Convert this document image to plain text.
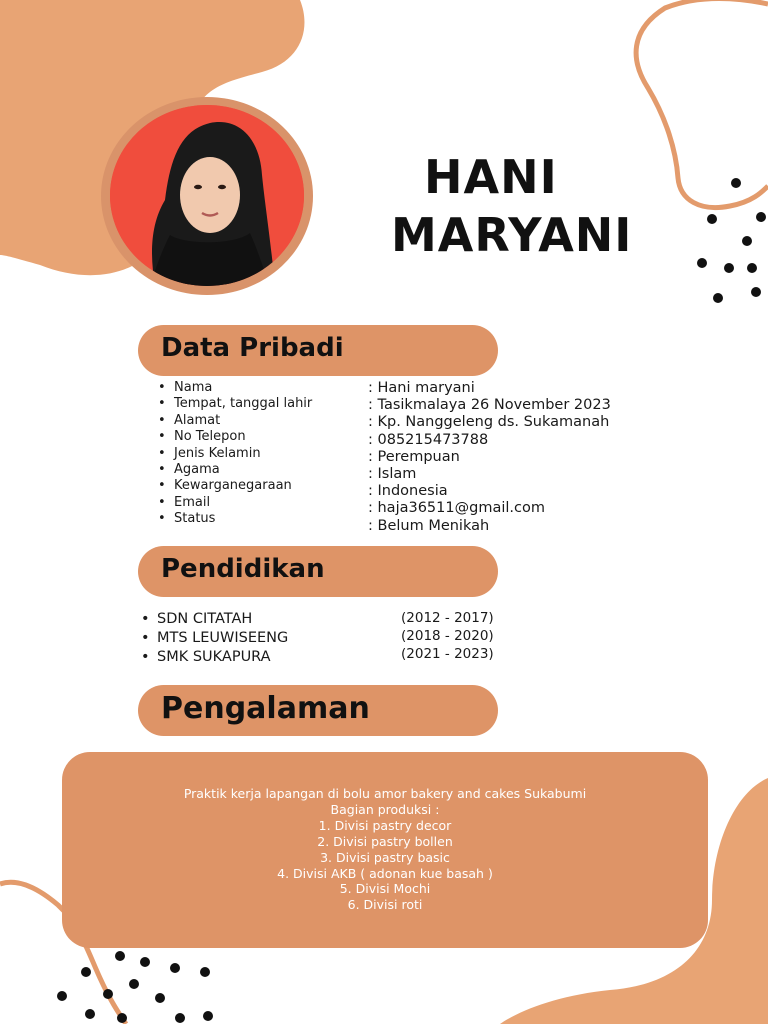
HANI
MARYANI
Data Pribadi
• Nama
• Tempat, tanggal lahir
• Alamat
• No Telepon
• Jenis Kelamin
• Agama
• Kewarganegaraan
• Email
• Status
: Hani maryani
: Tasikmalaya 26 November 2023
: Kp. Nanggeleng ds. Sukamanah
: 085215473788
: Perempuan
: Islam
: Indonesia
: haja36511@gmail.com
: Belum Menikah
Pendidikan
• SDN CITATAH
• MTS LEUWISEENG
• SMK SUKAPURA
(2012 - 2017)
(2018 - 2020)
(2021 - 2023)
Pengalaman
Praktik kerja lapangan di bolu amor bakery and cakes Sukabumi
Bagian produksi :
1. Divisi pastry decor
2. Divisi pastry bollen
3. Divisi pastry basic
4. Divisi AKB ( adonan kue basah )
5. Divisi Mochi
6. Divisi roti
